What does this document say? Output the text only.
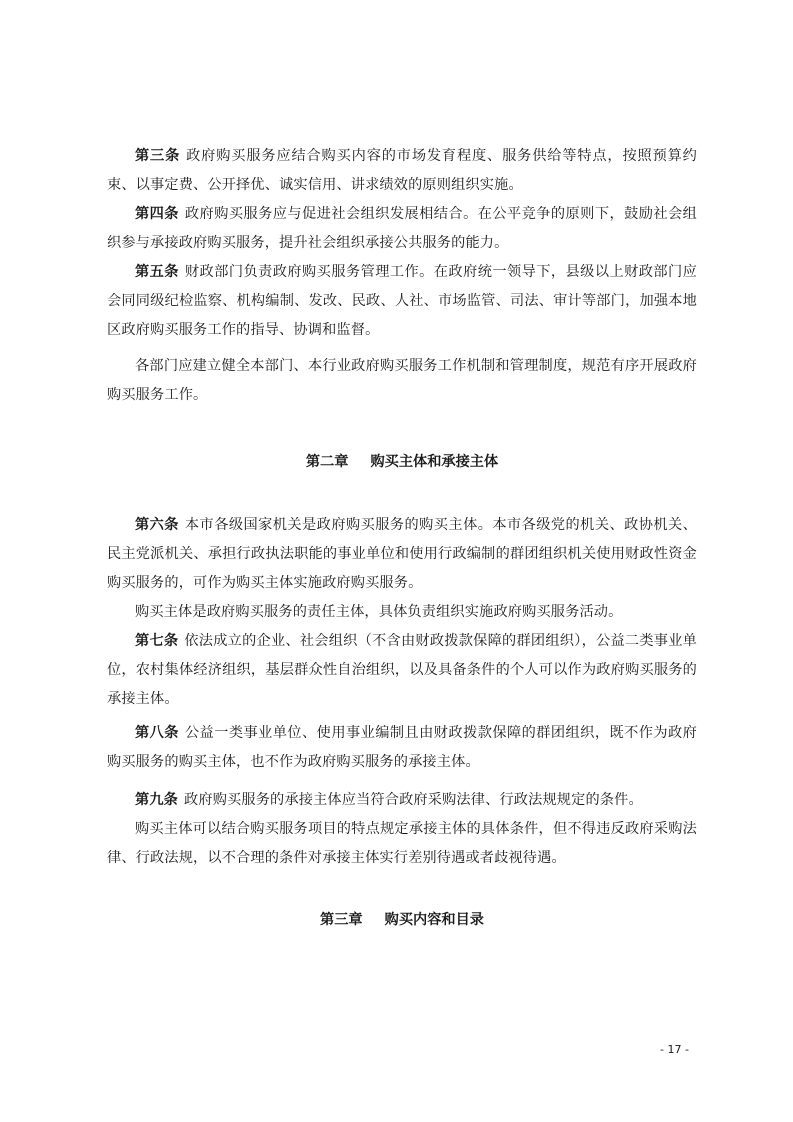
第三条 政府购买服务应结合购买内容的市场发育程度、服务供给等特点，按照预算约束、以事定费、公开择优、诚实信用、讲求绩效的原则组织实施。

第四条 政府购买服务应与促进社会组织发展相结合。在公平竞争的原则下，鼓励社会组织参与承接政府购买服务，提升社会组织承接公共服务的能力。

第五条 财政部门负责政府购买服务管理工作。在政府统一领导下，县级以上财政部门应会同同级纪检监察、机构编制、发改、民政、人社、市场监管、司法、审计等部门，加强本地区政府购买服务工作的指导、协调和监督。

各部门应建立健全本部门、本行业政府购买服务工作机制和管理制度，规范有序开展政府购买服务工作。

第二章 购买主体和承接主体

第六条 本市各级国家机关是政府购买服务的购买主体。本市各级党的机关、政协机关、民主党派机关、承担行政执法职能的事业单位和使用行政编制的群团组织机关使用财政性资金购买服务的，可作为购买主体实施政府购买服务。

购买主体是政府购买服务的责任主体，具体负责组织实施政府购买服务活动。

第七条 依法成立的企业、社会组织（不含由财政拨款保障的群团组织），公益二类事业单位，农村集体经济组织，基层群众性自治组织，以及具备条件的个人可以作为政府购买服务的承接主体。

第八条 公益一类事业单位、使用事业编制且由财政拨款保障的群团组织，既不作为政府购买服务的购买主体，也不作为政府购买服务的承接主体。

第九条 政府购买服务的承接主体应当符合政府采购法律、行政法规规定的条件。

购买主体可以结合购买服务项目的特点规定承接主体的具体条件，但不得违反政府采购法律、行政法规，以不合理的条件对承接主体实行差别待遇或者歧视待遇。

第三章 购买内容和目录

- 17 -
